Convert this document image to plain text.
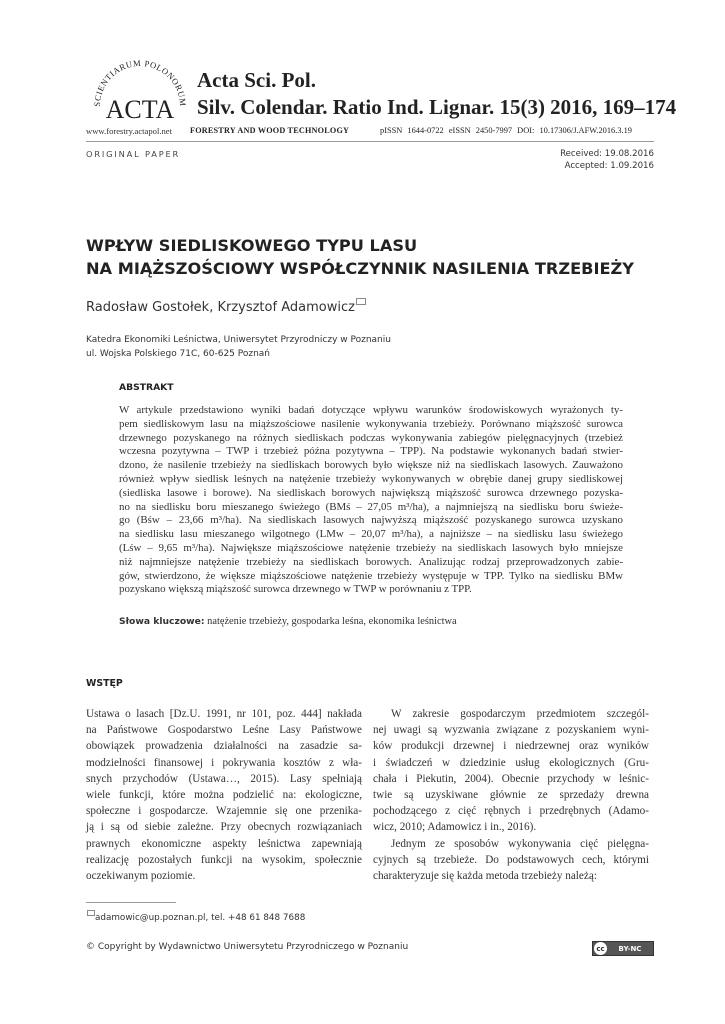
SCIENTIARUM POLONORUM
ACTA
Acta Sci. Pol.
Silv. Colendar. Ratio Ind. Lignar. 15(3) 2016, 169–174
www.forestry.actapol.net FORESTRY AND WOOD TECHNOLOGY	pISSN 1644-0722 eISSN 2450-7997 DOI: 10.17306/J.AFW.2016.3.19
ORIGINAL PAPER	Received: 19.08.2016
Accepted: 1.09.2016
WPŁYW SIEDLISKOWEGO TYPU LASU
NA MIĄŻSZOŚCIOWY WSPÓŁCZYNNIK NASILENIA TRZEBIEŻY
Radosław Gostołek, Krzysztof Adamowicz
Katedra Ekonomiki Leśnictwa, Uniwersytet Przyrodniczy w Poznaniu
ul. Wojska Polskiego 71C, 60-625 Poznań
ABSTRAKT
W artykule przedstawiono wyniki badań dotyczące wpływu warunków środowiskowych wyrażonych ty-
pem siedliskowym lasu na miąższościowe nasilenie wykonywania trzebieży. Porównano miąższość surowca
drzewnego pozyskanego na różnych siedliskach podczas wykonywania zabiegów pielęgnacyjnych (trzebież
wczesna pozytywna – TWP i trzebież późna pozytywna – TPP). Na podstawie wykonanych badań stwier-
dzono, że nasilenie trzebieży na siedliskach borowych było większe niż na siedliskach lasowych. Zauważono
również wpływ siedlisk leśnych na natężenie trzebieży wykonywanych w obrębie danej grupy siedliskowej
(siedliska lasowe i borowe). Na siedliskach borowych największą miąższość surowca drzewnego pozyska-
no na siedlisku boru mieszanego świeżego (BMś – 27,05 m³/ha), a najmniejszą na siedlisku boru świeże-
go (Bśw – 23,66 m³/ha). Na siedliskach lasowych najwyższą miąższość pozyskanego surowca uzyskano
na siedlisku lasu mieszanego wilgotnego (LMw – 20,07 m³/ha), a najniższe – na siedlisku lasu świeżego
(Lśw – 9,65 m³/ha). Największe miąższościowe natężenie trzebieży na siedliskach lasowych było mniejsze
niż najmniejsze natężenie trzebieży na siedliskach borowych. Analizując rodzaj przeprowadzonych zabie-
gów, stwierdzono, że większe miąższościowe natężenie trzebieży występuje w TPP. Tylko na siedlisku BMw
pozyskano większą miąższość surowca drzewnego w TWP w porównaniu z TPP.
Słowa kluczowe: natężenie trzebieży, gospodarka leśna, ekonomika leśnictwa
WSTĘP
Ustawa o lasach [Dz.U. 1991, nr 101, poz. 444] nakłada
na Państwowe Gospodarstwo Leśne Lasy Państwowe
obowiązek prowadzenia działalności na zasadzie sa-
modzielności finansowej i pokrywania kosztów z wła-
snych przychodów (Ustawa…, 2015). Lasy spełniają
wiele funkcji, które można podzielić na: ekologiczne,
społeczne i gospodarcze. Wzajemnie się one przenika-
ją i są od siebie zależne. Przy obecnych rozwiązaniach
prawnych ekonomiczne aspekty leśnictwa zapewniają
realizację pozostałych funkcji na wysokim, społecznie
oczekiwanym poziomie.
W zakresie gospodarczym przedmiotem szczegól-
nej uwagi są wyzwania związane z pozyskaniem wyni-
ków produkcji drzewnej i niedrzewnej oraz wyników
i świadczeń w dziedzinie usług ekologicznych (Gru-
chała i Piekutin, 2004). Obecnie przychody w leśnic-
twie są uzyskiwane głównie ze sprzedaży drewna
pochodzącego z cięć rębnych i przedrębnych (Adamo-
wicz, 2010; Adamowicz i in., 2016).
Jednym ze sposobów wykonywania cięć pielęgna-
cyjnych są trzebieże. Do podstawowych cech, którymi
charakteryzuje się każda metoda trzebieży należą:
adamowic@up.poznan.pl, tel. +48 61 848 7688
© Copyright by Wydawnictwo Uniwersytetu Przyrodniczego w Poznaniu	cc	BY-NC
